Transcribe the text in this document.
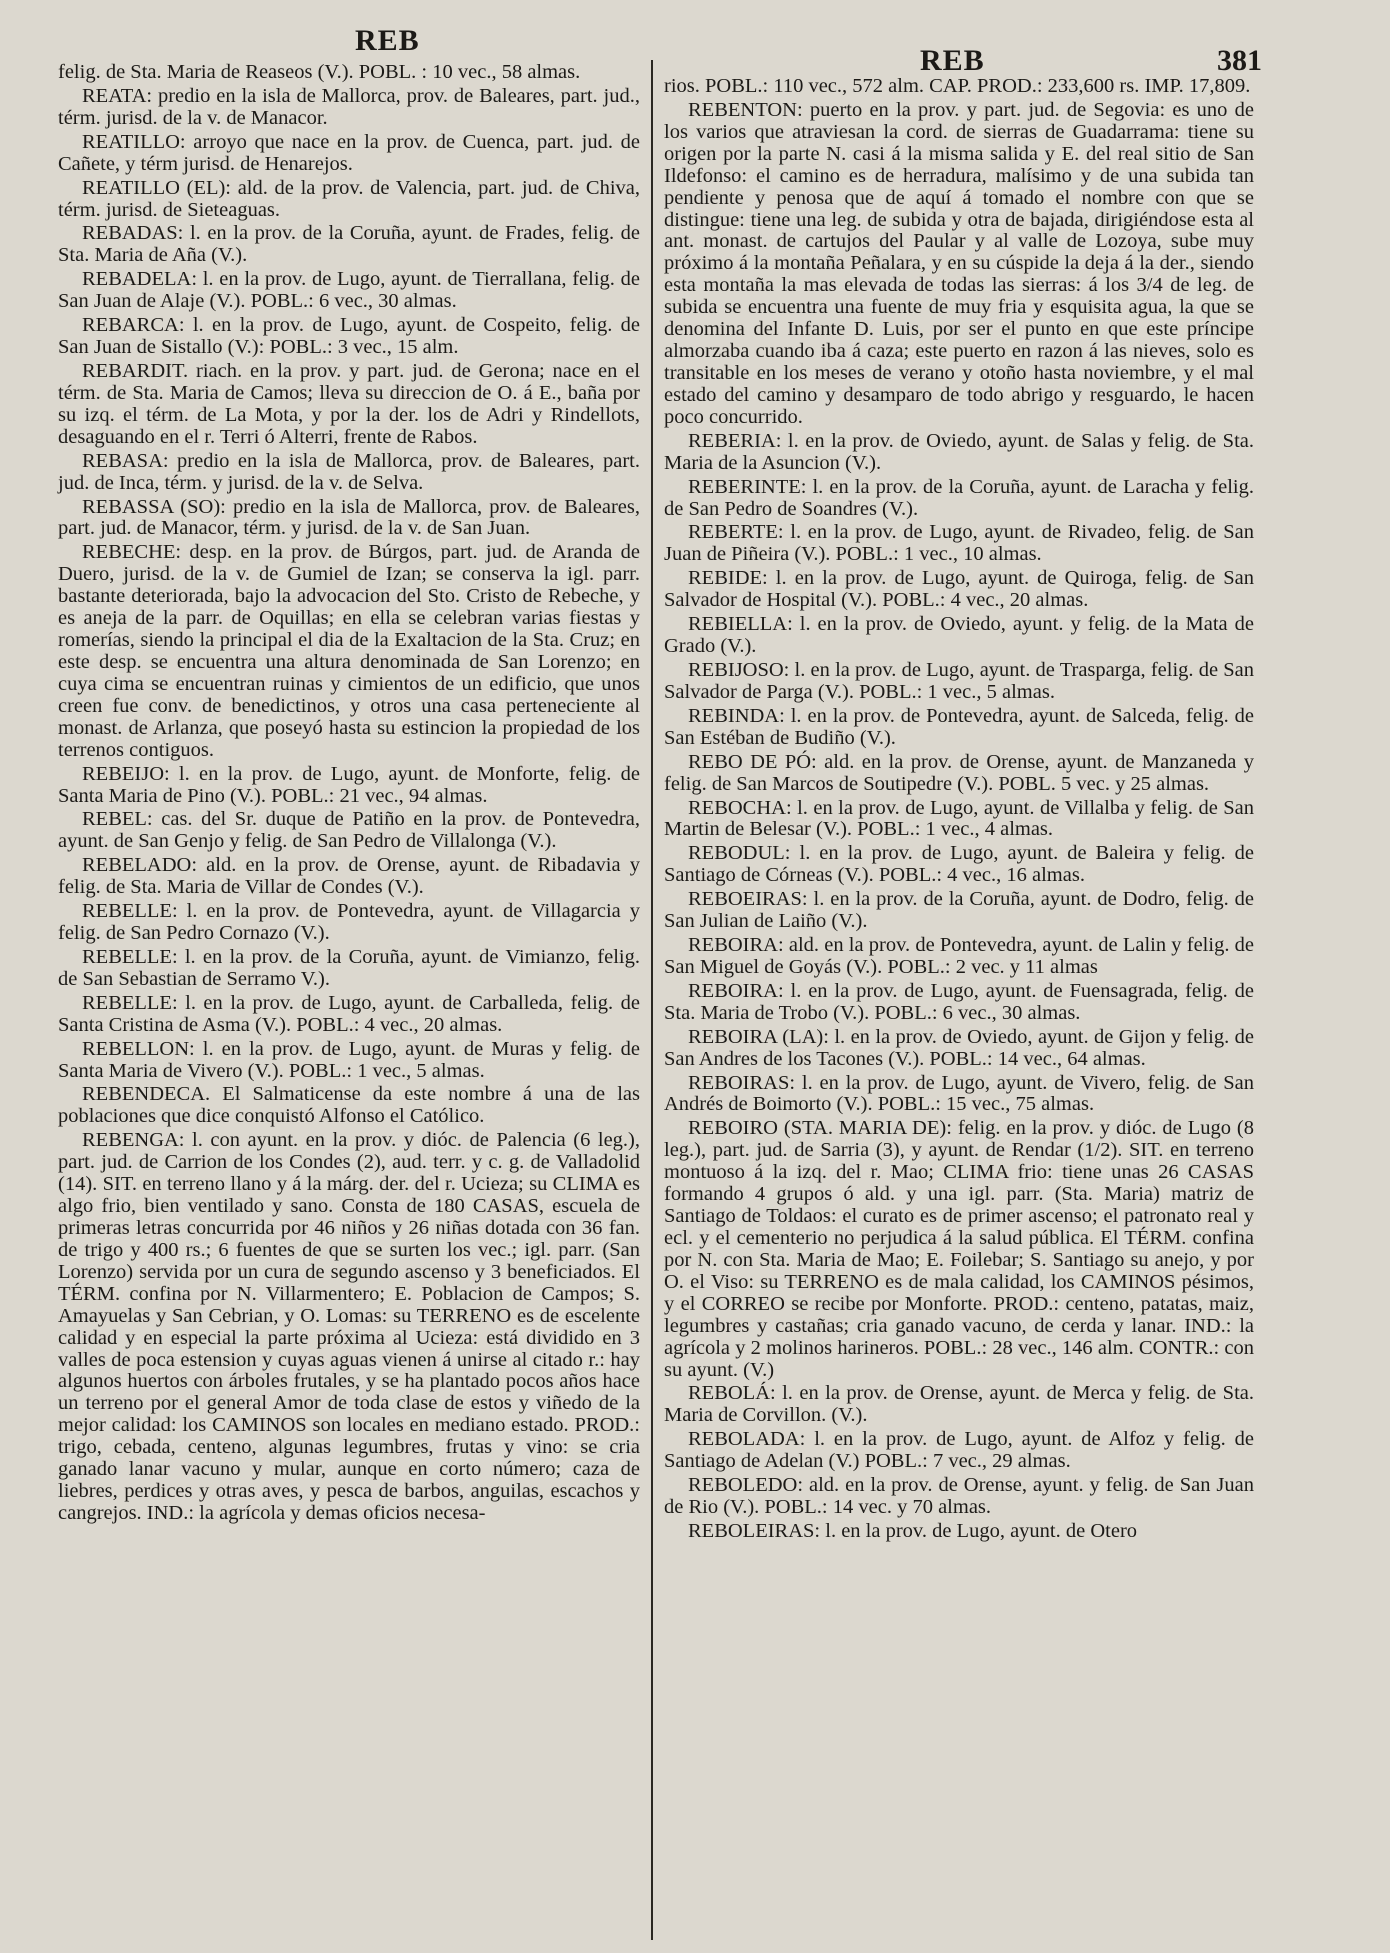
REB
REB	381

felig. de Sta. Maria de Reaseos (V.). POBL. : 10 vec., 58 almas.

REATA: predio en la isla de Mallorca, prov. de Baleares, part. jud., térm. jurisd. de la v. de Manacor.

REATILLO: arroyo que nace en la prov. de Cuenca, part. jud. de Cañete, y térm jurisd. de Henarejos.

REATILLO (EL): ald. de la prov. de Valencia, part. jud. de Chiva, térm. jurisd. de Sieteaguas.

REBADAS: l. en la prov. de la Coruña, ayunt. de Frades, felig. de Sta. Maria de Aña (V.).

REBADELA: l. en la prov. de Lugo, ayunt. de Tierrallana, felig. de San Juan de Alaje (V.). POBL.: 6 vec., 30 almas.

REBARCA: l. en la prov. de Lugo, ayunt. de Cospeito, felig. de San Juan de Sistallo (V.): POBL.: 3 vec., 15 alm.

REBARDIT. riach. en la prov. y part. jud. de Gerona; nace en el térm. de Sta. Maria de Camos; lleva su direccion de O. á E., baña por su izq. el térm. de La Mota, y por la der. los de Adri y Rindellots, desaguando en el r. Terri ó Alterri, frente de Rabos.

REBASA: predio en la isla de Mallorca, prov. de Baleares, part. jud. de Inca, térm. y jurisd. de la v. de Selva.

REBASSA (SO): predio en la isla de Mallorca, prov. de Baleares, part. jud. de Manacor, térm. y jurisd. de la v. de San Juan.

REBECHE: desp. en la prov. de Búrgos, part. jud. de Aranda de Duero, jurisd. de la v. de Gumiel de Izan; se conserva la igl. parr. bastante deteriorada, bajo la advocacion del Sto. Cristo de Rebeche, y es aneja de la parr. de Oquillas; en ella se celebran varias fiestas y romerías, siendo la principal el dia de la Exaltacion de la Sta. Cruz; en este desp. se encuentra una altura denominada de San Lorenzo; en cuya cima se encuentran ruinas y cimientos de un edificio, que unos creen fue conv. de benedictinos, y otros una casa perteneciente al monast. de Arlanza, que poseyó hasta su estincion la propiedad de los terrenos contiguos.

REBEIJO: l. en la prov. de Lugo, ayunt. de Monforte, felig. de Santa Maria de Pino (V.). POBL.: 21 vec., 94 almas.

REBEL: cas. del Sr. duque de Patiño en la prov. de Pontevedra, ayunt. de San Genjo y felig. de San Pedro de Villalonga (V.).

REBELADO: ald. en la prov. de Orense, ayunt. de Ribadavia y felig. de Sta. Maria de Villar de Condes (V.).

REBELLE: l. en la prov. de Pontevedra, ayunt. de Villagarcia y felig. de San Pedro Cornazo (V.).

REBELLE: l. en la prov. de la Coruña, ayunt. de Vimianzo, felig. de San Sebastian de Serramo V.).

REBELLE: l. en la prov. de Lugo, ayunt. de Carballeda, felig. de Santa Cristina de Asma (V.). POBL.: 4 vec., 20 almas.

REBELLON: l. en la prov. de Lugo, ayunt. de Muras y felig. de Santa Maria de Vivero (V.). POBL.: 1 vec., 5 almas.

REBENDECA. El Salmaticense da este nombre á una de las poblaciones que dice conquistó Alfonso el Católico.

REBENGA: l. con ayunt. en la prov. y dióc. de Palencia (6 leg.), part. jud. de Carrion de los Condes (2), aud. terr. y c. g. de Valladolid (14). SIT. en terreno llano y á la márg. der. del r. Ucieza; su CLIMA es algo frio, bien ventilado y sano. Consta de 180 CASAS, escuela de primeras letras concurrida por 46 niños y 26 niñas dotada con 36 fan. de trigo y 400 rs.; 6 fuentes de que se surten los vec.; igl. parr. (San Lorenzo) servida por un cura de segundo ascenso y 3 beneficiados. El TÉRM. confina por N. Villarmentero; E. Poblacion de Campos; S. Amayuelas y San Cebrian, y O. Lomas: su TERRENO es de escelente calidad y en especial la parte próxima al Ucieza: está dividido en 3 valles de poca estension y cuyas aguas vienen á unirse al citado r.: hay algunos huertos con árboles frutales, y se ha plantado pocos años hace un terreno por el general Amor de toda clase de estos y viñedo de la mejor calidad: los CAMINOS son locales en mediano estado. PROD.: trigo, cebada, centeno, algunas legumbres, frutas y vino: se cria ganado lanar vacuno y mular, aunque en corto número; caza de liebres, perdices y otras aves, y pesca de barbos, anguilas, escachos y cangrejos. IND.: la agrícola y demas oficios necesa-

rios. POBL.: 110 vec., 572 alm. CAP. PROD.: 233,600 rs. IMP. 17,809.

REBENTON: puerto en la prov. y part. jud. de Segovia: es uno de los varios que atraviesan la cord. de sierras de Guadarrama: tiene su origen por la parte N. casi á la misma salida y E. del real sitio de San Ildefonso: el camino es de herradura, malísimo y de una subida tan pendiente y penosa que de aquí á tomado el nombre con que se distingue: tiene una leg. de subida y otra de bajada, dirigiéndose esta al ant. monast. de cartujos del Paular y al valle de Lozoya, sube muy próximo á la montaña Peñalara, y en su cúspide la deja á la der., siendo esta montaña la mas elevada de todas las sierras: á los 3/4 de leg. de subida se encuentra una fuente de muy fria y esquisita agua, la que se denomina del Infante D. Luis, por ser el punto en que este príncipe almorzaba cuando iba á caza; este puerto en razon á las nieves, solo es transitable en los meses de verano y otoño hasta noviembre, y el mal estado del camino y desamparo de todo abrigo y resguardo, le hacen poco concurrido.

REBERIA: l. en la prov. de Oviedo, ayunt. de Salas y felig. de Sta. Maria de la Asuncion (V.).

REBERINTE: l. en la prov. de la Coruña, ayunt. de Laracha y felig. de San Pedro de Soandres (V.).

REBERTE: l. en la prov. de Lugo, ayunt. de Rivadeo, felig. de San Juan de Piñeira (V.). POBL.: 1 vec., 10 almas.

REBIDE: l. en la prov. de Lugo, ayunt. de Quiroga, felig. de San Salvador de Hospital (V.). POBL.: 4 vec., 20 almas.

REBIELLA: l. en la prov. de Oviedo, ayunt. y felig. de la Mata de Grado (V.).

REBIJOSO: l. en la prov. de Lugo, ayunt. de Trasparga, felig. de San Salvador de Parga (V.). POBL.: 1 vec., 5 almas.

REBINDA: l. en la prov. de Pontevedra, ayunt. de Salceda, felig. de San Estéban de Budiño (V.).

REBO DE PÓ: ald. en la prov. de Orense, ayunt. de Manzaneda y felig. de San Marcos de Soutipedre (V.). POBL. 5 vec. y 25 almas.

REBOCHA: l. en la prov. de Lugo, ayunt. de Villalba y felig. de San Martin de Belesar (V.). POBL.: 1 vec., 4 almas.

REBODUL: l. en la prov. de Lugo, ayunt. de Baleira y felig. de Santiago de Córneas (V.). POBL.: 4 vec., 16 almas.

REBOEIRAS: l. en la prov. de la Coruña, ayunt. de Dodro, felig. de San Julian de Laiño (V.).

REBOIRA: ald. en la prov. de Pontevedra, ayunt. de Lalin y felig. de San Miguel de Goyás (V.). POBL.: 2 vec. y 11 almas

REBOIRA: l. en la prov. de Lugo, ayunt. de Fuensagrada, felig. de Sta. Maria de Trobo (V.). POBL.: 6 vec., 30 almas.

REBOIRA (LA): l. en la prov. de Oviedo, ayunt. de Gijon y felig. de San Andres de los Tacones (V.). POBL.: 14 vec., 64 almas.

REBOIRAS: l. en la prov. de Lugo, ayunt. de Vivero, felig. de San Andrés de Boimorto (V.). POBL.: 15 vec., 75 almas.

REBOIRO (STA. MARIA DE): felig. en la prov. y dióc. de Lugo (8 leg.), part. jud. de Sarria (3), y ayunt. de Rendar (1/2). SIT. en terreno montuoso á la izq. del r. Mao; CLIMA frio: tiene unas 26 CASAS formando 4 grupos ó ald. y una igl. parr. (Sta. Maria) matriz de Santiago de Toldaos: el curato es de primer ascenso; el patronato real y ecl. y el cementerio no perjudica á la salud pública. El TÉRM. confina por N. con Sta. Maria de Mao; E. Foilebar; S. Santiago su anejo, y por O. el Viso: su TERRENO es de mala calidad, los CAMINOS pésimos, y el CORREO se recibe por Monforte. PROD.: centeno, patatas, maiz, legumbres y castañas; cria ganado vacuno, de cerda y lanar. IND.: la agrícola y 2 molinos harineros. POBL.: 28 vec., 146 alm. CONTR.: con su ayunt. (V.)

REBOLÁ: l. en la prov. de Orense, ayunt. de Merca y felig. de Sta. Maria de Corvillon. (V.).

REBOLADA: l. en la prov. de Lugo, ayunt. de Alfoz y felig. de Santiago de Adelan (V.) POBL.: 7 vec., 29 almas.

REBOLEDO: ald. en la prov. de Orense, ayunt. y felig. de San Juan de Rio (V.). POBL.: 14 vec. y 70 almas.

REBOLEIRAS: l. en la prov. de Lugo, ayunt. de Otero
